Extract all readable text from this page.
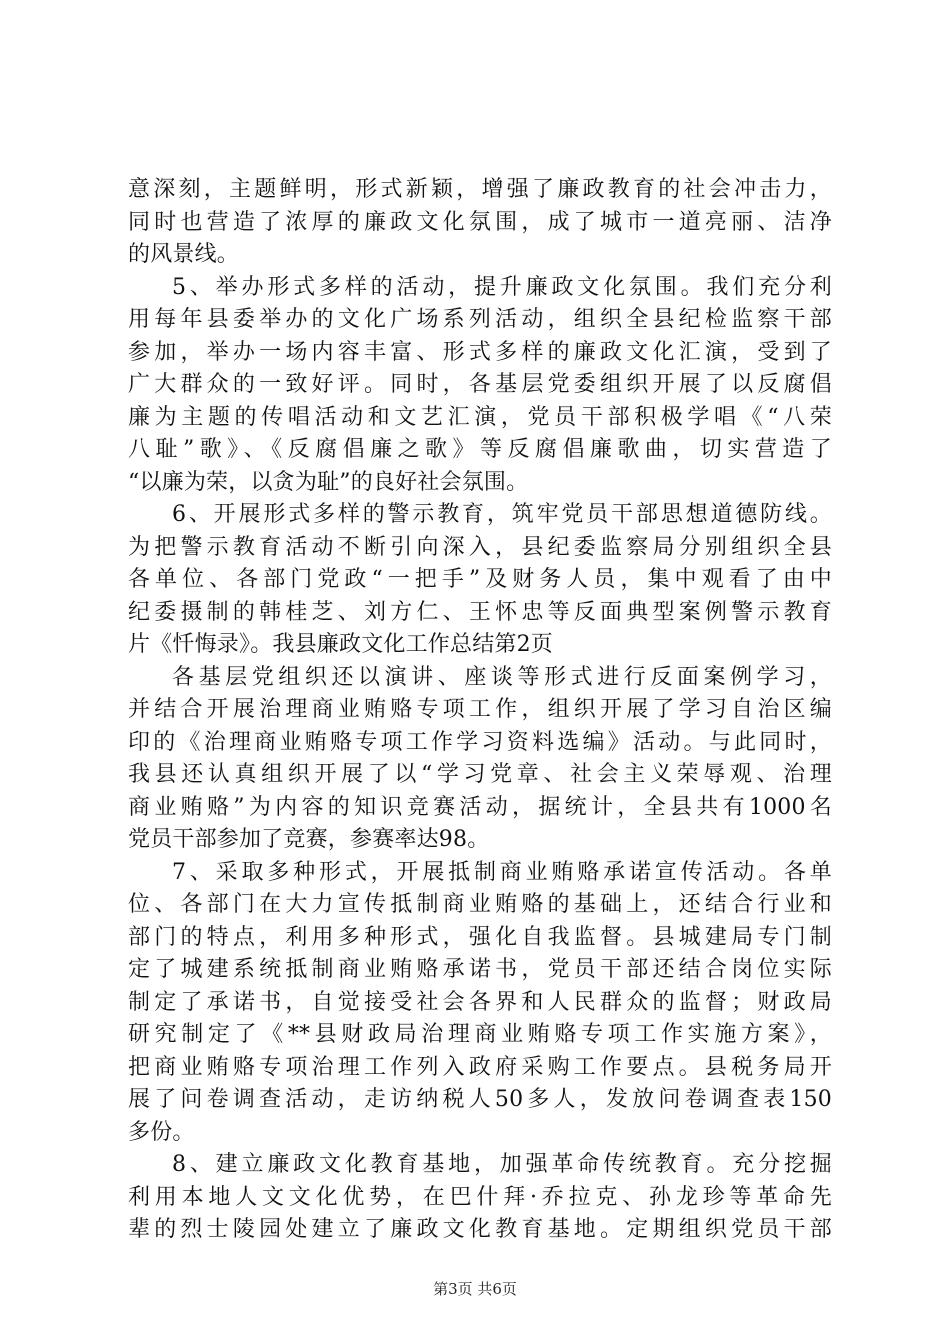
意深刻，主题鲜明，形式新颖，增强了廉政教育的社会冲击力，
同时也营造了浓厚的廉政文化氛围，成了城市一道亮丽、洁净
的风景线。
5、举办形式多样的活动，提升廉政文化氛围。我们充分利
用每年县委举办的文化广场系列活动，组织全县纪检监察干部
参加，举办一场内容丰富、形式多样的廉政文化汇演，受到了
广大群众的一致好评。同时，各基层党委组织开展了以反腐倡
廉为主题的传唱活动和文艺汇演，党员干部积极学唱《“八荣
八耻”歌》、《反腐倡廉之歌》等反腐倡廉歌曲，切实营造了
“以廉为荣，以贪为耻”的良好社会氛围。
6、开展形式多样的警示教育，筑牢党员干部思想道德防线。
为把警示教育活动不断引向深入，县纪委监察局分别组织全县
各单位、各部门党政“一把手”及财务人员，集中观看了由中
纪委摄制的韩桂芝、刘方仁、王怀忠等反面典型案例警示教育
片《忏悔录》。我县廉政文化工作总结第2页
各基层党组织还以演讲、座谈等形式进行反面案例学习，
并结合开展治理商业贿赂专项工作，组织开展了学习自治区编
印的《治理商业贿赂专项工作学习资料选编》活动。与此同时，
我县还认真组织开展了以“学习党章、社会主义荣辱观、治理
商业贿赂”为内容的知识竞赛活动，据统计，全县共有1000名
党员干部参加了竞赛，参赛率达98。
7、采取多种形式，开展抵制商业贿赂承诺宣传活动。各单
位、各部门在大力宣传抵制商业贿赂的基础上，还结合行业和
部门的特点，利用多种形式，强化自我监督。县城建局专门制
定了城建系统抵制商业贿赂承诺书，党员干部还结合岗位实际
制定了承诺书，自觉接受社会各界和人民群众的监督；财政局
研究制定了《**县财政局治理商业贿赂专项工作实施方案》，
把商业贿赂专项治理工作列入政府采购工作要点。县税务局开
展了问卷调查活动，走访纳税人50多人，发放问卷调查表150
多份。
8、建立廉政文化教育基地，加强革命传统教育。充分挖掘
利用本地人文文化优势，在巴什拜·乔拉克、孙龙珍等革命先
辈的烈士陵园处建立了廉政文化教育基地。定期组织党员干部
第3页 共6页
